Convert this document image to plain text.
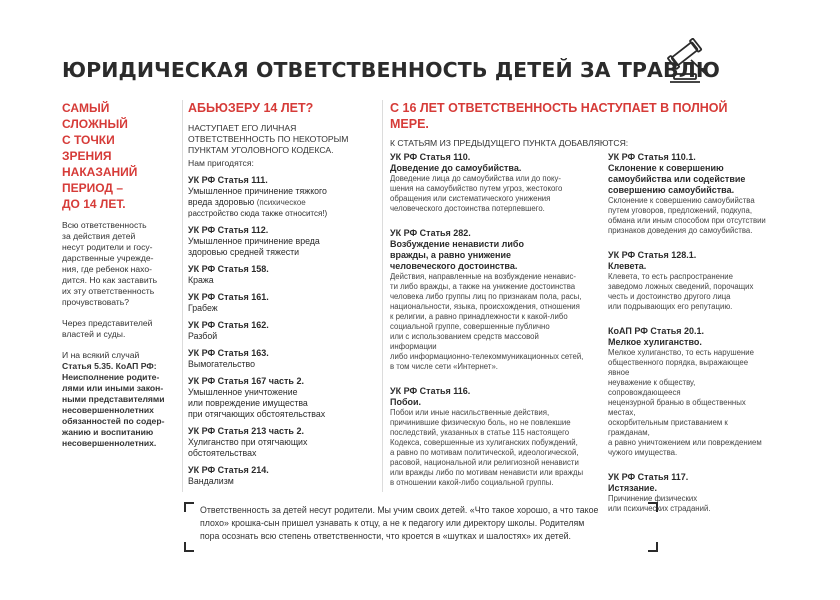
ЮРИДИЧЕСКАЯ ОТВЕТСТВЕННОСТЬ ДЕТЕЙ ЗА ТРАВЛЮ
САМЫЙ
СЛОЖНЫЙ
С ТОЧКИ
ЗРЕНИЯ
НАКАЗАНИЙ
ПЕРИОД –
ДО 14 ЛЕТ.
Всю ответственность
за действия детей
несут родители и госу-
дарственные учрежде-
ния, где ребенок нахо-
дится. Но как заставить
их эту ответственность
прочувствовать?
Через представителей
властей и суды.
И на всякий случай
Статья 5.35. КоАП РФ:
Неисполнение родите-
лями или иными закон-
ными представителями
несовершеннолетних
обязанностей по содер-
жанию и воспитанию
несовершеннолетних.
АБЬЮЗЕРУ 14 ЛЕТ?
НАСТУПАЕТ ЕГО ЛИЧНАЯ
ОТВЕТСТВЕННОСТЬ ПО НЕКОТОРЫМ
ПУНКТАМ УГОЛОВНОГО КОДЕКСА.
Нам пригодятся:
УК РФ Статья 111.
Умышленное причинение тяжкого
вреда здоровью (психическое
расстройство сюда также относится!)
УК РФ Статья 112.
Умышленное причинение вреда
здоровью средней тяжести
УК РФ Статья 158.
Кража
УК РФ Статья 161.
Грабеж
УК РФ Статья 162.
Разбой
УК РФ Статья 163.
Вымогательство
УК РФ Статья 167 часть 2.
Умышленное уничтожение
или повреждение имущества
при отягчающих обстоятельствах
УК РФ Статья 213 часть 2.
Хулиганство при отягчающих
обстоятельствах
УК РФ Статья 214.
Вандализм
С 16 ЛЕТ ОТВЕТСТВЕННОСТЬ НАСТУПАЕТ В ПОЛНОЙ МЕРЕ.
К СТАТЬЯМ ИЗ ПРЕДЫДУЩЕГО ПУНКТА ДОБАВЛЯЮТСЯ:
УК РФ Статья 110.
Доведение до самоубийства.
Доведение лица до самоубийства или до поку-
шения на самоубийство путем угроз, жестокого
обращения или систематического унижения
человеческого достоинства потерпевшего.
УК РФ Статья 282.
Возбуждение ненависти либо
вражды, а равно унижение
человеческого достоинства.
Действия, направленные на возбуждение ненавис-
ти либо вражды, а также на унижение достоинства
человека либо группы лиц по признакам пола, расы,
национальности, языка, происхождения, отношения
к религии, а равно принадлежности к какой-либо
социальной группе, совершенные публично
или с использованием средств массовой информации
либо информационно-телекоммуникационных сетей,
в том числе сети «Интернет».
УК РФ Статья 116.
Побои.
Побои или иные насильственные действия,
причинившие физическую боль, но не повлекшие
последствий, указанных в статье 115 настоящего
Кодекса, совершенные из хулиганских побуждений,
а равно по мотивам политической, идеологической,
расовой, национальной или религиозной ненависти
или вражды либо по мотивам ненависти или вражды
в отношении какой-либо социальной группы.
УК РФ Статья 110.1.
Склонение к совершению
самоубийства или содействие
совершению самоубийства.
Склонение к совершению самоубийства
путем уговоров, предложений, подкупа,
обмана или иным способом при отсутствии
признаков доведения до самоубийства.
УК РФ Статья 128.1.
Клевета.
Клевета, то есть распространение
заведомо ложных сведений, порочащих
честь и достоинство другого лица
или подрывающих его репутацию.
КоАП РФ Статья 20.1.
Мелкое хулиганство.
Мелкое хулиганство, то есть нарушение
общественного порядка, выражающее явное
неуважение к обществу, сопровождающееся
нецензурной бранью в общественных местах,
оскорбительным приставанием к гражданам,
а равно уничтожением или повреждением
чужого имущества.
УК РФ Статья 117.
Истязание.
Причинение физических
или психических страданий.
Ответственность за детей несут родители. Мы учим своих детей. «Что такое хорошо, а что такое
плохо» крошка-сын пришел узнавать к отцу, а не к педагогу или директору школы. Родителям
пора осознать всю степень ответственности, что кроется в «шутках и шалостях» их детей.
